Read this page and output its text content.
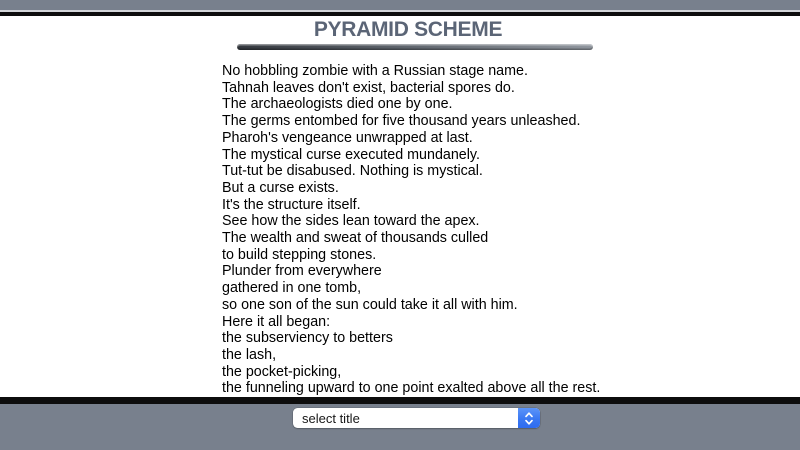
PYRAMID SCHEME
No hobbling zombie with a Russian stage name.
Tahnah leaves don't exist, bacterial spores do.
The archaeologists died one by one.
The germs entombed for five thousand years unleashed.
Pharoh's vengeance unwrapped at last.
The mystical curse executed mundanely.
Tut-tut be disabused. Nothing is mystical.
But a curse exists.
It's the structure itself.
See how the sides lean toward the apex.
The wealth and sweat of thousands culled
to build stepping stones.
Plunder from everywhere
gathered in one tomb,
so one son of the sun could take it all with him.
Here it all began:
the subserviency to betters
the lash,
the pocket-picking,
the funneling upward to one point exalted above all the rest.
select title
